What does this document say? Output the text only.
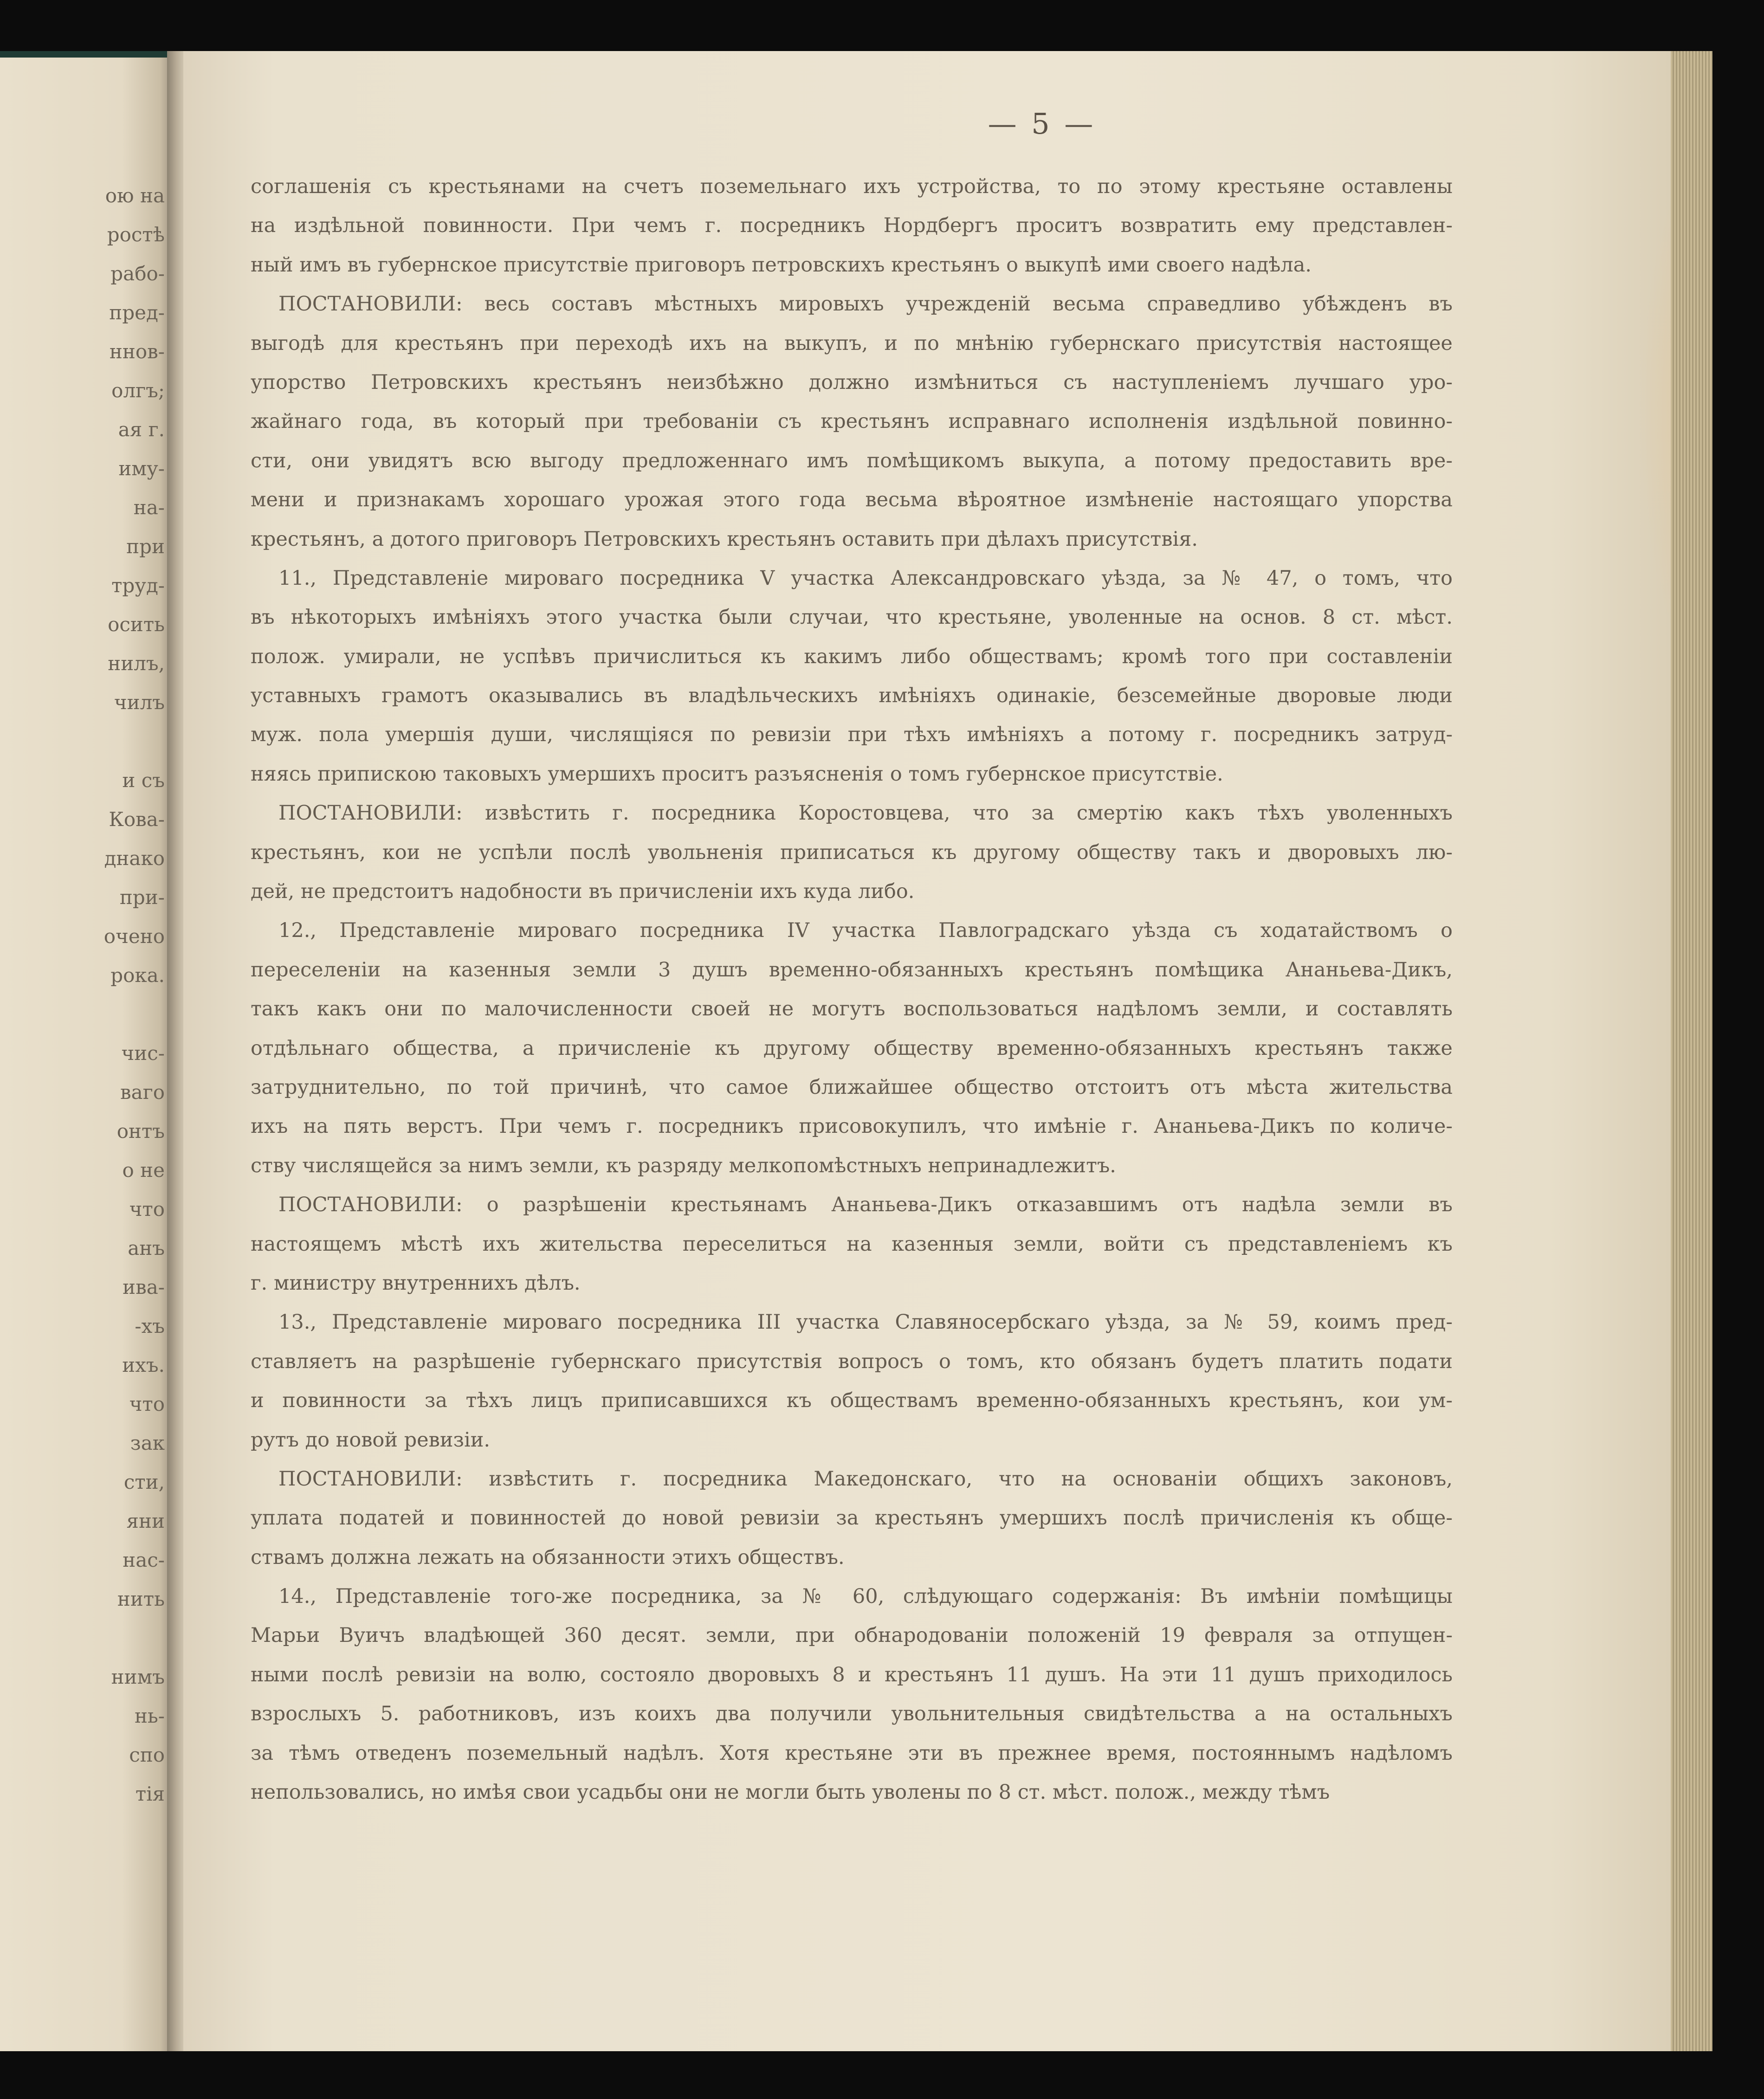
ою на
ростѣ
рабо-
пред-
ннов-
олгъ;
ая г.
иму-
на-
при
труд-
осить
нилъ,
чилъ
и съ
Кова-
днако
при-
очено
рока.
чис-
ваго
онтъ
о не
что
анъ
ива-
-хъ
ихъ.
что
зак
сти,
яни
нас-
нить
нимъ
нь-
спо
тія
— 5 —
соглашенія съ крестьянами на счетъ поземельнаго ихъ устройства, то по этому крестьяне оставлены
на издѣльной повинности. При чемъ г. посредникъ Нордбергъ проситъ возвратить ему представлен-
ный имъ въ губернское присутствіе приговоръ петровскихъ крестьянъ о выкупѣ ими своего надѣла.
ПОСТАНОВИЛИ: весь составъ мѣстныхъ мировыхъ учрежденій весьма справедливо убѣжденъ въ
выгодѣ для крестьянъ при переходѣ ихъ на выкупъ, и по мнѣнію губернскаго присутствія настоящее
упорство Петровскихъ крестьянъ неизбѣжно должно измѣниться съ наступленіемъ лучшаго уро-
жайнаго года, въ который при требованіи съ крестьянъ исправнаго исполненія издѣльной повинно-
сти, они увидятъ всю выгоду предложеннаго имъ помѣщикомъ выкупа, а потому предоставить вре-
мени и признакамъ хорошаго урожая этого года весьма вѣроятное измѣненіе настоящаго упорства
крестьянъ, а дотого приговоръ Петровскихъ крестьянъ оставить при дѣлахъ присутствія.
11., Представленіе мироваго посредника V участка Александровскаго уѣзда, за № 47, о томъ, что
въ нѣкоторыхъ имѣніяхъ этого участка были случаи, что крестьяне, уволенные на основ. 8 ст. мѣст.
полож. умирали, не успѣвъ причислиться къ какимъ либо обществамъ; кромѣ того при составленіи
уставныхъ грамотъ оказывались въ владѣльческихъ имѣніяхъ одинакіе, безсемейные дворовые люди
муж. пола умершія души, числящіяся по ревизіи при тѣхъ имѣніяхъ а потому г. посредникъ затруд-
няясь припискою таковыхъ умершихъ проситъ разъясненія о томъ губернское присутствіе.
ПОСТАНОВИЛИ: извѣстить г. посредника Коростовцева, что за смертію какъ тѣхъ уволенныхъ
крестьянъ, кои не успѣли послѣ увольненія приписаться къ другому обществу такъ и дворовыхъ лю-
дей, не предстоитъ надобности въ причисленіи ихъ куда либо.
12., Представленіе мироваго посредника IV участка Павлоградскаго уѣзда съ ходатайствомъ о
переселеніи на казенныя земли 3 душъ временно-обязанныхъ крестьянъ помѣщика Ананьева-Дикъ,
такъ какъ они по малочисленности своей не могутъ воспользоваться надѣломъ земли, и составлять
отдѣльнаго общества, а причисленіе къ другому обществу временно-обязанныхъ крестьянъ также
затруднительно, по той причинѣ, что самое ближайшее общество отстоитъ отъ мѣста жительства
ихъ на пять верстъ. При чемъ г. посредникъ присовокупилъ, что имѣніе г. Ананьева-Дикъ по количе-
ству числящейся за нимъ земли, къ разряду мелкопомѣстныхъ непринадлежитъ.
ПОСТАНОВИЛИ: о разрѣшеніи крестьянамъ Ананьева-Дикъ отказавшимъ отъ надѣла земли въ
настоящемъ мѣстѣ ихъ жительства переселиться на казенныя земли, войти съ представленіемъ къ
г. министру внутреннихъ дѣлъ.
13., Представленіе мироваго посредника III участка Славяносербскаго уѣзда, за № 59, коимъ пред-
ставляетъ на разрѣшеніе губернскаго присутствія вопросъ о томъ, кто обязанъ будетъ платить подати
и повинности за тѣхъ лицъ приписавшихся къ обществамъ временно-обязанныхъ крестьянъ, кои ум-
рутъ до новой ревизіи.
ПОСТАНОВИЛИ: извѣстить г. посредника Македонскаго, что на основаніи общихъ законовъ,
уплата податей и повинностей до новой ревизіи за крестьянъ умершихъ послѣ причисленія къ обще-
ствамъ должна лежать на обязанности этихъ обществъ.
14., Представленіе того-же посредника, за № 60, слѣдующаго содержанія: Въ имѣніи помѣщицы
Марьи Вуичъ владѣющей 360 десят. земли, при обнародованіи положеній 19 февраля за отпущен-
ными послѣ ревизіи на волю, состояло дворовыхъ 8 и крестьянъ 11 душъ. На эти 11 душъ приходилось
взрослыхъ 5. работниковъ, изъ коихъ два получили увольнительныя свидѣтельства а на остальныхъ
за тѣмъ отведенъ поземельный надѣлъ. Хотя крестьяне эти въ прежнее время, постояннымъ надѣломъ
непользовались, но имѣя свои усадьбы они не могли быть уволены по 8 ст. мѣст. полож., между тѣмъ
